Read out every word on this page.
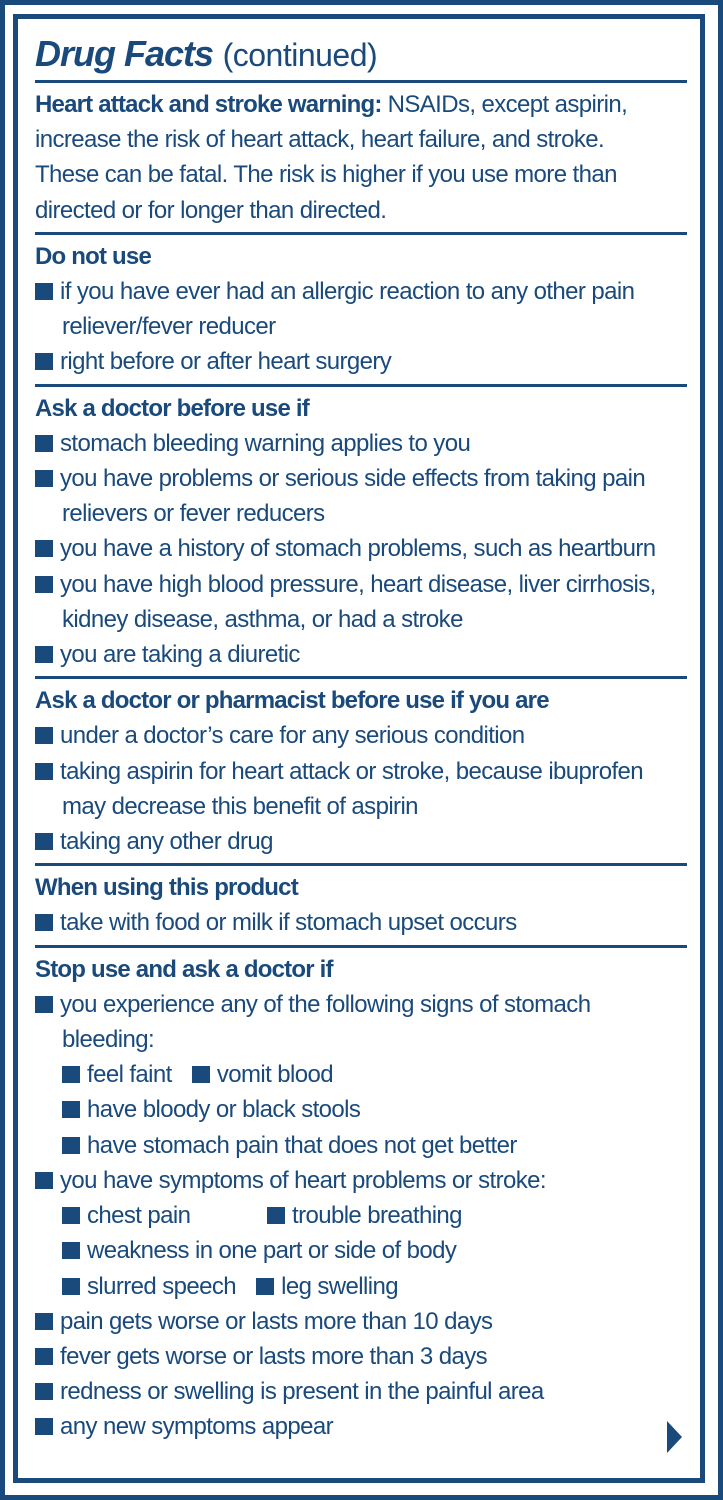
Drug Facts (continued)
Heart attack and stroke warning: NSAIDs, except aspirin,
increase the risk of heart attack, heart failure, and stroke.
These can be fatal. The risk is higher if you use more than
directed or for longer than directed.
Do not use
if you have ever had an allergic reaction to any other pain
reliever/fever reducer
right before or after heart surgery
Ask a doctor before use if
stomach bleeding warning applies to you
you have problems or serious side effects from taking pain
relievers or fever reducers
you have a history of stomach problems, such as heartburn
you have high blood pressure, heart disease, liver cirrhosis,
kidney disease, asthma, or had a stroke
you are taking a diuretic
Ask a doctor or pharmacist before use if you are
under a doctor’s care for any serious condition
taking aspirin for heart attack or stroke, because ibuprofen
may decrease this benefit of aspirin
taking any other drug
When using this product
take with food or milk if stomach upset occurs
Stop use and ask a doctor if
you experience any of the following signs of stomach
bleeding:
feel faint vomit blood
have bloody or black stools
have stomach pain that does not get better
you have symptoms of heart problems or stroke:
chest pain	trouble breathing
weakness in one part or side of body
slurred speech leg swelling
pain gets worse or lasts more than 10 days
fever gets worse or lasts more than 3 days
redness or swelling is present in the painful area
any new symptoms appear
